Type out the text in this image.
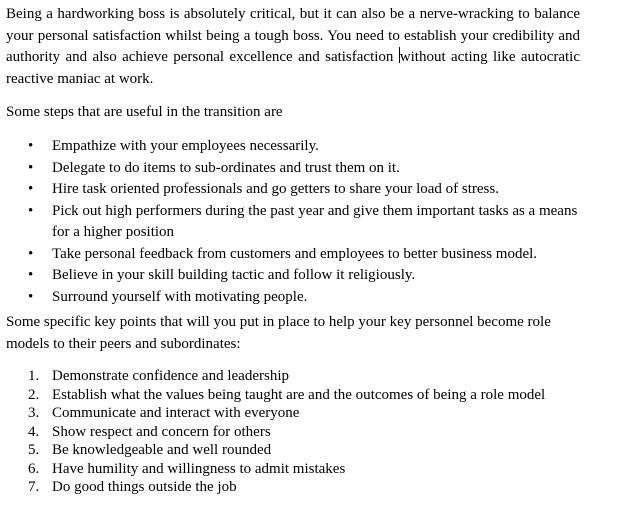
Being a hardworking boss is absolutely critical, but it can also be a nerve-wracking to balance your personal satisfaction whilst being a tough boss. You need to establish your credibility and authority and also achieve personal excellence and satisfaction without acting like autocratic reactive maniac at work.

Some steps that are useful in the transition are

• Empathize with your employees necessarily.
• Delegate to do items to sub-ordinates and trust them on it.
• Hire task oriented professionals and go getters to share your load of stress.
• Pick out high performers during the past year and give them important tasks as a means for a higher position
• Take personal feedback from customers and employees to better business model.
• Believe in your skill building tactic and follow it religiously.
• Surround yourself with motivating people.

Some specific key points that will you put in place to help your key personnel become role models to their peers and subordinates:

1. Demonstrate confidence and leadership
2. Establish what the values being taught are and the outcomes of being a role model
3. Communicate and interact with everyone
4. Show respect and concern for others
5. Be knowledgeable and well rounded
6. Have humility and willingness to admit mistakes
7. Do good things outside the job
